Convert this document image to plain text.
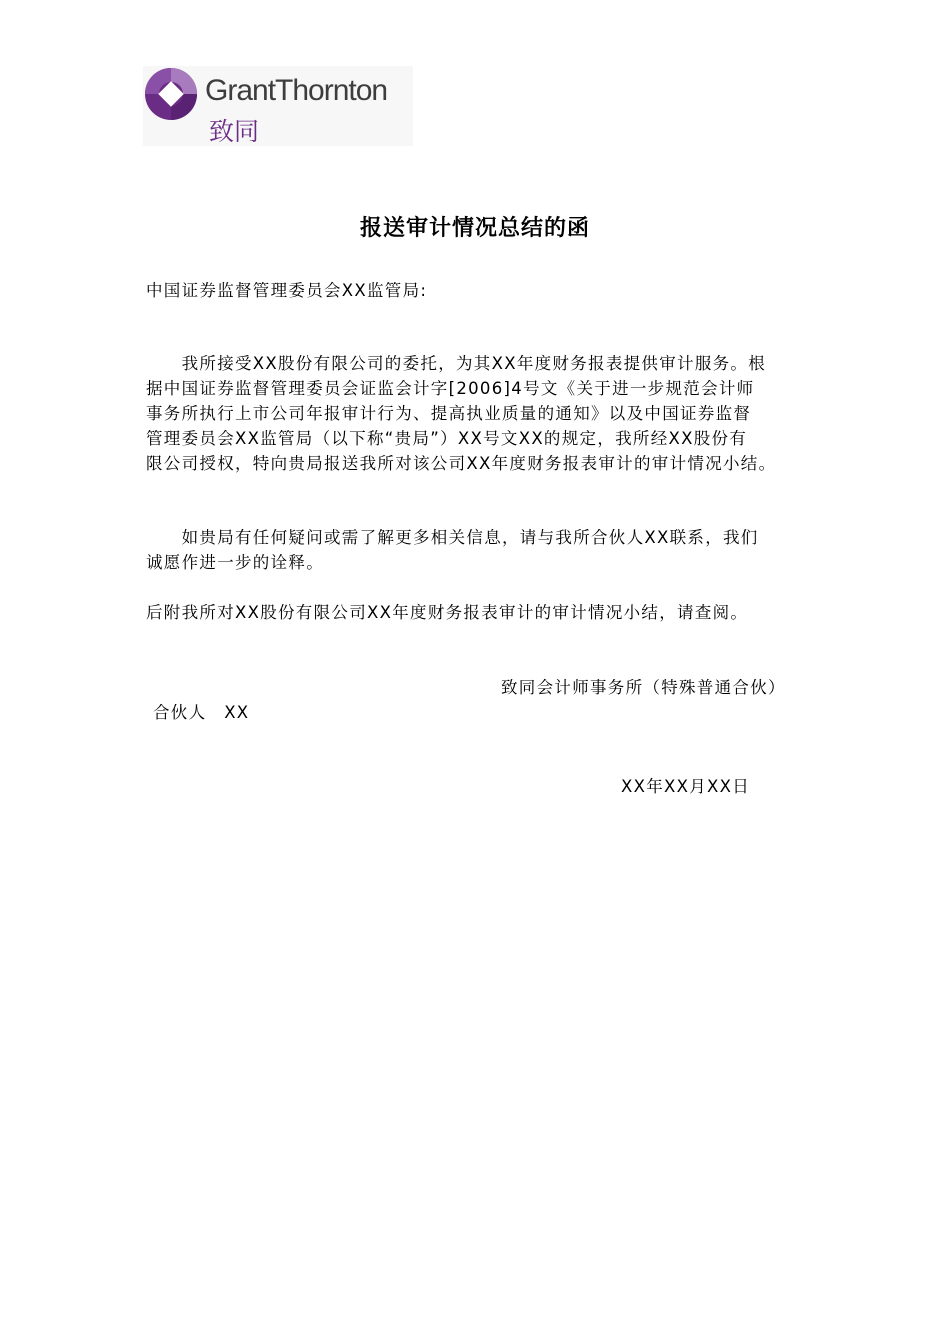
GrantThornton
致同
报送审计情况总结的函
中国证券监督管理委员会XX监管局:
　　我所接受XX股份有限公司的委托，为其XX年度财务报表提供审计服务。根
据中国证券监督管理委员会证监会计字[2006]4号文《关于进一步规范会计师
事务所执行上市公司年报审计行为、提高执业质量的通知》以及中国证券监督
管理委员会XX监管局（以下称“贵局”）XX号文XX的规定，我所经XX股份有
限公司授权，特向贵局报送我所对该公司XX年度财务报表审计的审计情况小结。
　　如贵局有任何疑问或需了解更多相关信息，请与我所合伙人XX联系，我们
诚愿作进一步的诠释。
后附我所对XX股份有限公司XX年度财务报表审计的审计情况小结，请查阅。
致同会计师事务所（特殊普通合伙）
合伙人　XX
XX年XX月XX日
